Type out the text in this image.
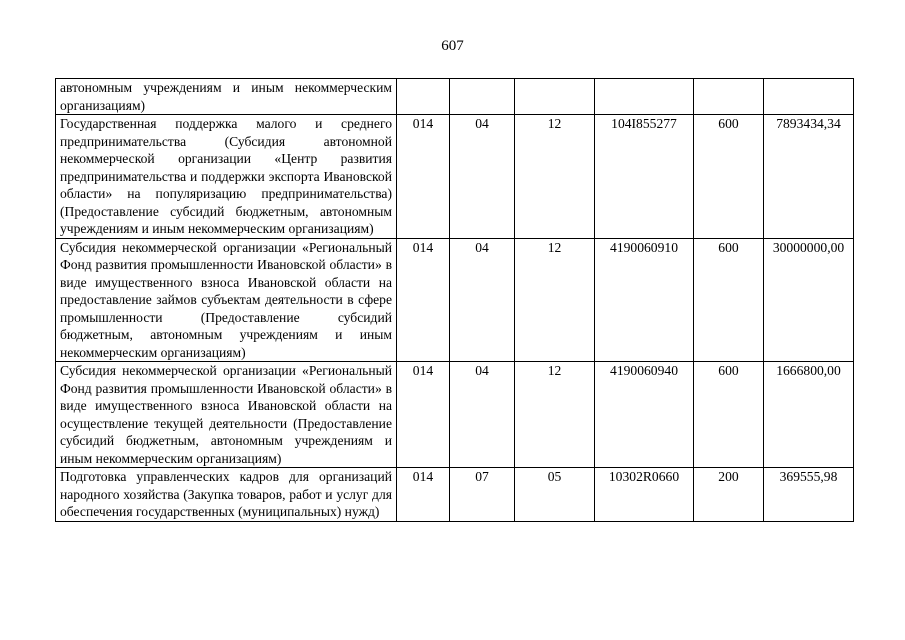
607
автономным учреждениям и иным некоммерческим организациям)						
Государственная поддержка малого и среднего предпринимательства (Субсидия автономной некоммерческой организации «Центр развития предпринимательства и поддержки экспорта Ивановской области» на популяризацию предпринимательства) (Предоставление субсидий бюджетным, автономным учреждениям и иным некоммерческим организациям)	014	04	12	104I855277	600	7893434,34
Субсидия некоммерческой организации «Региональный Фонд развития промышленности Ивановской области» в виде имущественного взноса Ивановской области на предоставление займов субъектам деятельности в сфере промышленности (Предоставление субсидий бюджетным, автономным учреждениям и иным некоммерческим организациям)	014	04	12	4190060910	600	30000000,00
Субсидия некоммерческой организации «Региональный Фонд развития промышленности Ивановской области» в виде имущественного взноса Ивановской области на осуществление текущей деятельности (Предоставление субсидий бюджетным, автономным учреждениям и иным некоммерческим организациям)	014	04	12	4190060940	600	1666800,00
Подготовка управленческих кадров для организаций народного хозяйства (Закупка товаров, работ и услуг для обеспечения государственных (муниципальных) нужд)	014	07	05	10302R0660	200	369555,98
